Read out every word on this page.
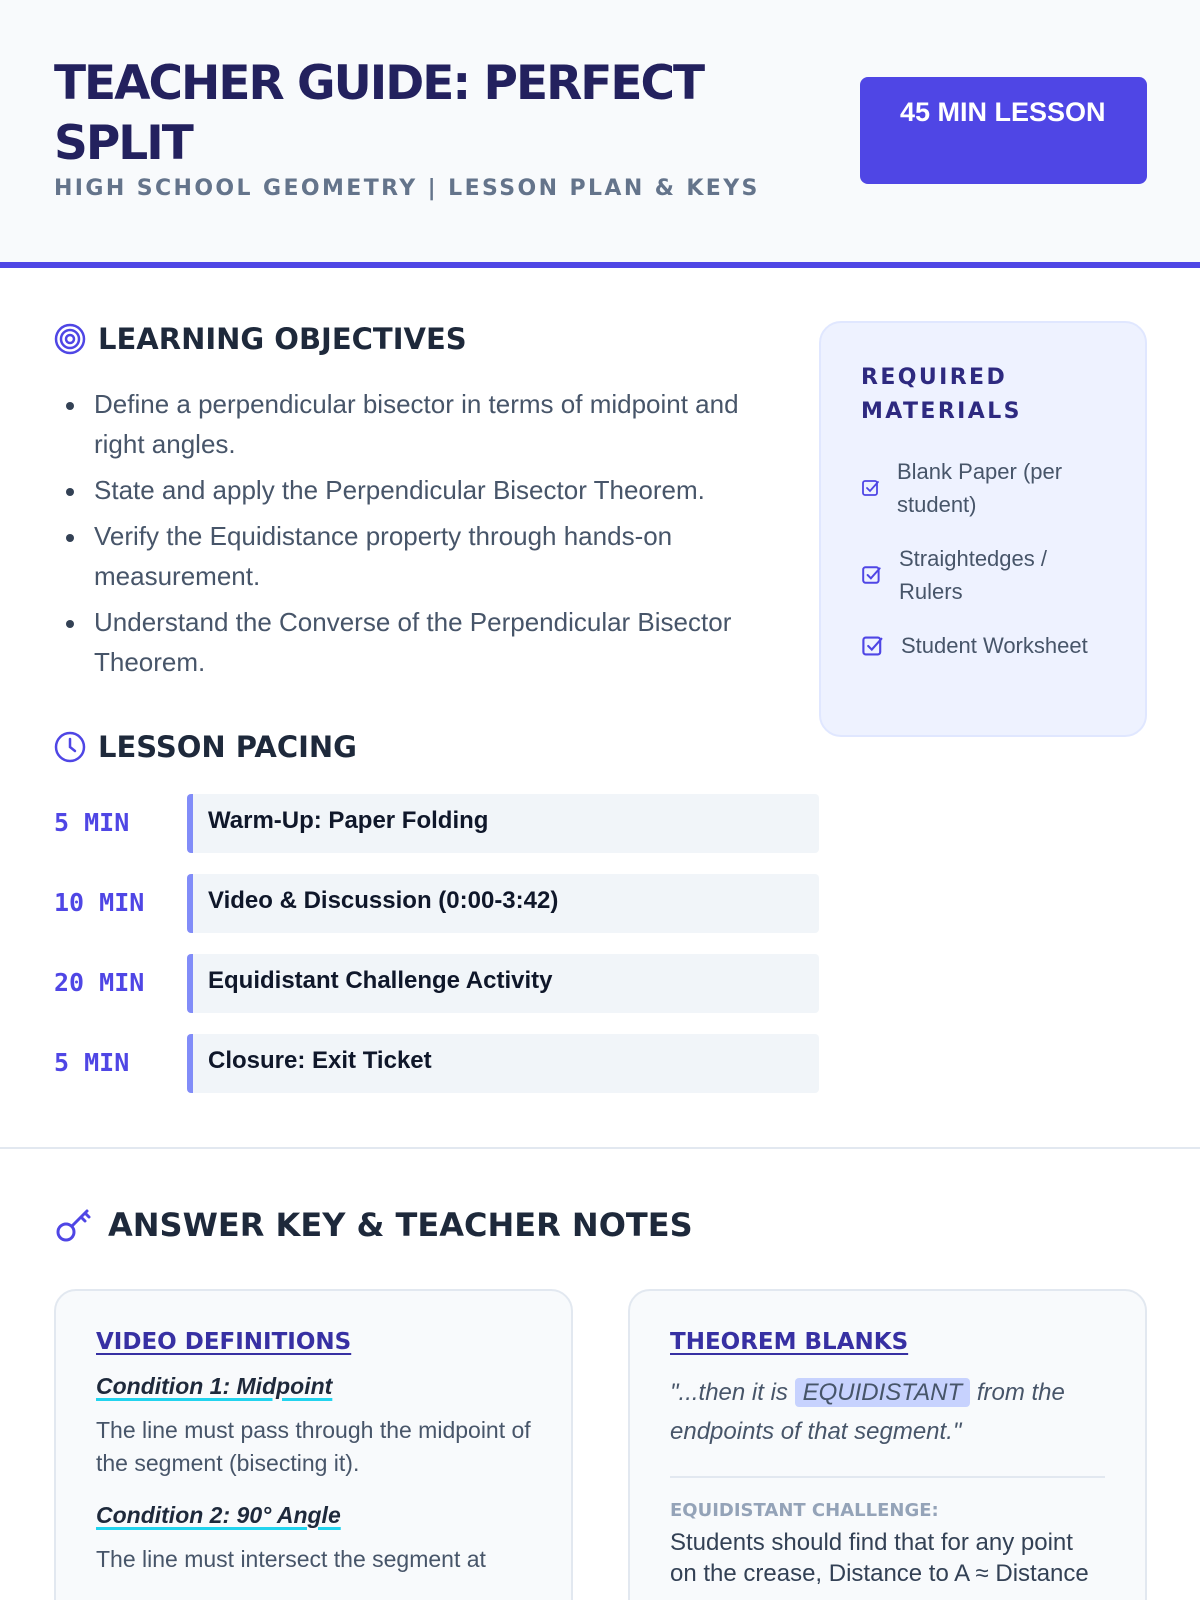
TEACHER GUIDE: PERFECT SPLIT
HIGH SCHOOL GEOMETRY | LESSON PLAN & KEYS
45 MIN LESSON
LEARNING OBJECTIVES
Define a perpendicular bisector in terms of midpoint and right angles.
State and apply the Perpendicular Bisector Theorem.
Verify the Equidistance property through hands-on measurement.
Understand the Converse of the Perpendicular Bisector Theorem.
LESSON PACING
5 MIN	Warm-Up: Paper Folding
10 MIN	Video & Discussion (0:00-3:42)
20 MIN	Equidistant Challenge Activity
5 MIN	Closure: Exit Ticket
REQUIRED MATERIALS
Blank Paper (per student)
Straightedges / Rulers
Student Worksheet
ANSWER KEY & TEACHER NOTES
VIDEO DEFINITIONS
Condition 1: Midpoint
The line must pass through the midpoint of the segment (bisecting it).
Condition 2: 90° Angle
The line must intersect the segment at
THEOREM BLANKS
"...then it is EQUIDISTANT from the endpoints of that segment."
EQUIDISTANT CHALLENGE:
Students should find that for any point on the crease, Distance to A ≈ Distance
